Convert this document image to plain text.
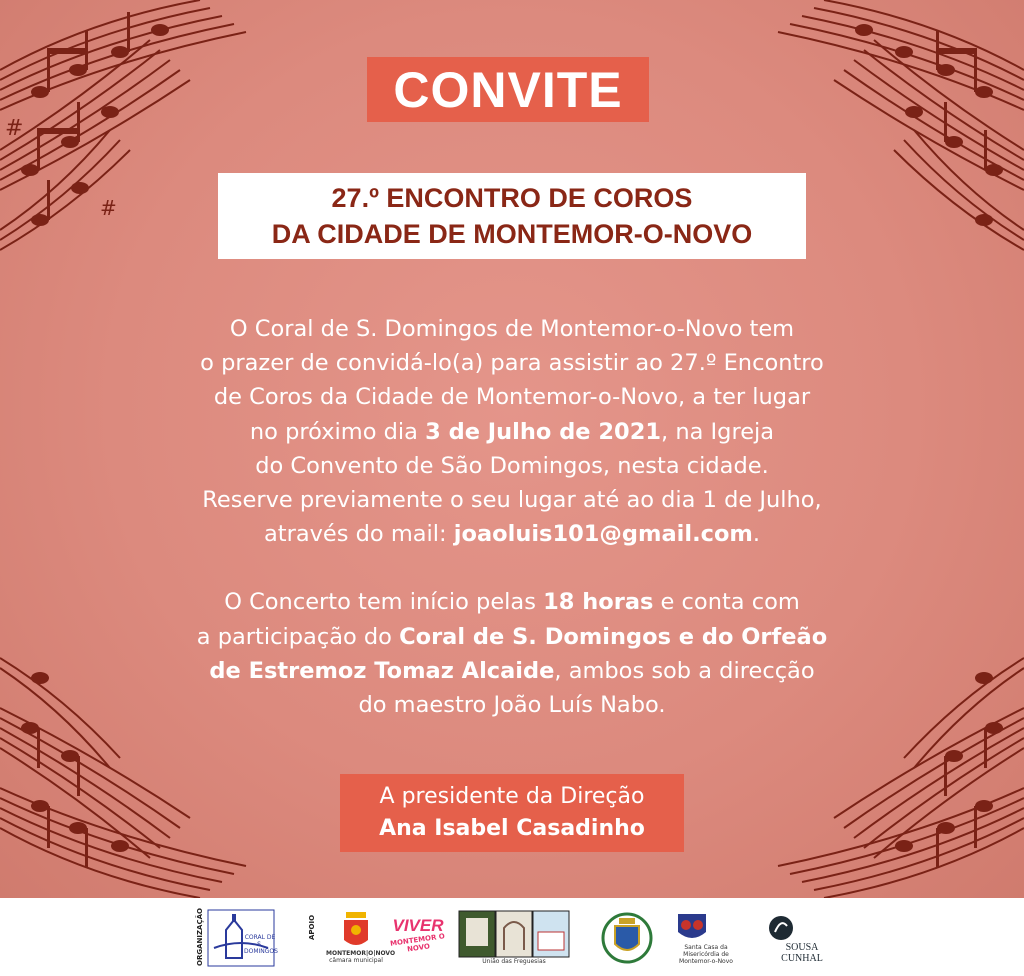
#
#
CONVITE
27.º ENCONTRO DE COROS
DA CIDADE DE MONTEMOR-O-NOVO
O Coral de S. Domingos de Montemor-o-Novo tem
o prazer de convidá-lo(a) para assistir ao 27.º Encontro
de Coros da Cidade de Montemor-o-Novo, a ter lugar
no próximo dia 3 de Julho de 2021, na Igreja
do Convento de São Domingos, nesta cidade.
Reserve previamente o seu lugar até ao dia 1 de Julho,
através do mail: joaoluis101@gmail.com.
O Concerto tem início pelas 18 horas e conta com
a participação do Coral de S. Domingos e do Orfeão
de Estremoz Tomaz Alcaide, ambos sob a direcção
do maestro João Luís Nabo.
A presidente da Direção
Ana Isabel Casadinho
ORGANIZAÇÃO	CORAL DE S. DOMINGOS
APOIO
MONTEMOR|O|NOVO
câmara municipal
VIVER
MONTEMOR O NOVO
União das Freguesias
Santa Casa da Misericórdia de Montemor-o-Novo
SOUSA CUNHAL
